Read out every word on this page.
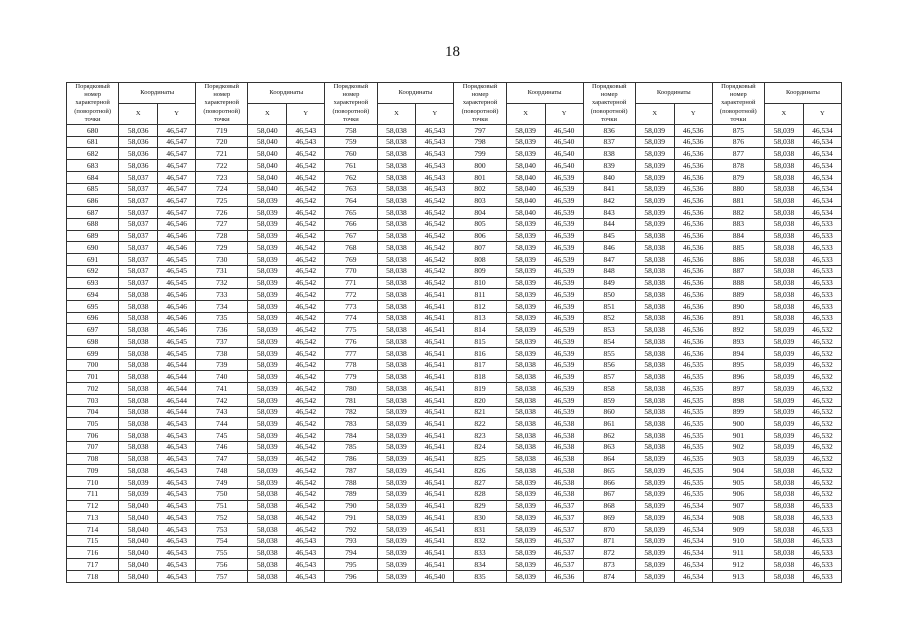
18
Порядковый номер характерной (поворотной) точки	Координаты		Порядковый номер характерной (поворотной) точки	Координаты		Порядковый номер характерной (поворотной) точки	Координаты		Порядковый номер характерной (поворотной) точки	Координаты		Порядковый номер характерной (поворотной) точки	Координаты		Порядковый номер характерной (поворотной) точки	Координаты	
	X	Y		X	Y		X	Y		X	Y		X	Y		X	Y
680	58,036	46,547	719	58,040	46,543	758	58,038	46,543	797	58,039	46,540	836	58,039	46,536	875	58,039	46,534
681	58,036	46,547	720	58,040	46,543	759	58,038	46,543	798	58,039	46,540	837	58,039	46,536	876	58,038	46,534
682	58,036	46,547	721	58,040	46,542	760	58,038	46,543	799	58,039	46,540	838	58,039	46,536	877	58,038	46,534
683	58,036	46,547	722	58,040	46,542	761	58,038	46,543	800	58,040	46,540	839	58,039	46,536	878	58,038	46,534
684	58,037	46,547	723	58,040	46,542	762	58,038	46,543	801	58,040	46,539	840	58,039	46,536	879	58,038	46,534
685	58,037	46,547	724	58,040	46,542	763	58,038	46,543	802	58,040	46,539	841	58,039	46,536	880	58,038	46,534
686	58,037	46,547	725	58,039	46,542	764	58,038	46,542	803	58,040	46,539	842	58,039	46,536	881	58,038	46,534
687	58,037	46,547	726	58,039	46,542	765	58,038	46,542	804	58,040	46,539	843	58,039	46,536	882	58,038	46,534
688	58,037	46,546	727	58,039	46,542	766	58,038	46,542	805	58,039	46,539	844	58,039	46,536	883	58,038	46,533
689	58,037	46,546	728	58,039	46,542	767	58,038	46,542	806	58,039	46,539	845	58,038	46,536	884	58,038	46,533
690	58,037	46,546	729	58,039	46,542	768	58,038	46,542	807	58,039	46,539	846	58,038	46,536	885	58,038	46,533
691	58,037	46,545	730	58,039	46,542	769	58,038	46,542	808	58,039	46,539	847	58,038	46,536	886	58,038	46,533
692	58,037	46,545	731	58,039	46,542	770	58,038	46,542	809	58,039	46,539	848	58,038	46,536	887	58,038	46,533
693	58,037	46,545	732	58,039	46,542	771	58,038	46,542	810	58,039	46,539	849	58,038	46,536	888	58,038	46,533
694	58,038	46,546	733	58,039	46,542	772	58,038	46,541	811	58,039	46,539	850	58,038	46,536	889	58,038	46,533
695	58,038	46,546	734	58,039	46,542	773	58,038	46,541	812	58,039	46,539	851	58,038	46,536	890	58,038	46,533
696	58,038	46,546	735	58,039	46,542	774	58,038	46,541	813	58,039	46,539	852	58,038	46,536	891	58,038	46,533
697	58,038	46,546	736	58,039	46,542	775	58,038	46,541	814	58,039	46,539	853	58,038	46,536	892	58,039	46,532
698	58,038	46,545	737	58,039	46,542	776	58,038	46,541	815	58,039	46,539	854	58,038	46,536	893	58,039	46,532
699	58,038	46,545	738	58,039	46,542	777	58,038	46,541	816	58,039	46,539	855	58,038	46,536	894	58,039	46,532
700	58,038	46,544	739	58,039	46,542	778	58,038	46,541	817	58,038	46,539	856	58,038	46,535	895	58,039	46,532
701	58,038	46,544	740	58,039	46,542	779	58,038	46,541	818	58,038	46,539	857	58,038	46,535	896	58,039	46,532
702	58,038	46,544	741	58,039	46,542	780	58,038	46,541	819	58,038	46,539	858	58,038	46,535	897	58,039	46,532
703	58,038	46,544	742	58,039	46,542	781	58,038	46,541	820	58,038	46,539	859	58,038	46,535	898	58,039	46,532
704	58,038	46,544	743	58,039	46,542	782	58,039	46,541	821	58,038	46,539	860	58,038	46,535	899	58,039	46,532
705	58,038	46,543	744	58,039	46,542	783	58,039	46,541	822	58,038	46,538	861	58,038	46,535	900	58,039	46,532
706	58,038	46,543	745	58,039	46,542	784	58,039	46,541	823	58,038	46,538	862	58,038	46,535	901	58,039	46,532
707	58,038	46,543	746	58,039	46,542	785	58,039	46,541	824	58,038	46,538	863	58,038	46,535	902	58,039	46,532
708	58,038	46,543	747	58,039	46,542	786	58,039	46,541	825	58,038	46,538	864	58,039	46,535	903	58,039	46,532
709	58,038	46,543	748	58,039	46,542	787	58,039	46,541	826	58,038	46,538	865	58,039	46,535	904	58,038	46,532
710	58,039	46,543	749	58,039	46,542	788	58,039	46,541	827	58,039	46,538	866	58,039	46,535	905	58,038	46,532
711	58,039	46,543	750	58,038	46,542	789	58,039	46,541	828	58,039	46,538	867	58,039	46,535	906	58,038	46,532
712	58,040	46,543	751	58,038	46,542	790	58,039	46,541	829	58,039	46,537	868	58,039	46,534	907	58,038	46,533
713	58,040	46,543	752	58,038	46,542	791	58,039	46,541	830	58,039	46,537	869	58,039	46,534	908	58,038	46,533
714	58,040	46,543	753	58,038	46,542	792	58,039	46,541	831	58,039	46,537	870	58,039	46,534	909	58,038	46,533
715	58,040	46,543	754	58,038	46,543	793	58,039	46,541	832	58,039	46,537	871	58,039	46,534	910	58,038	46,533
716	58,040	46,543	755	58,038	46,543	794	58,039	46,541	833	58,039	46,537	872	58,039	46,534	911	58,038	46,533
717	58,040	46,543	756	58,038	46,543	795	58,039	46,541	834	58,039	46,537	873	58,039	46,534	912	58,038	46,533
718	58,040	46,543	757	58,038	46,543	796	58,039	46,540	835	58,039	46,536	874	58,039	46,534	913	58,038	46,533
